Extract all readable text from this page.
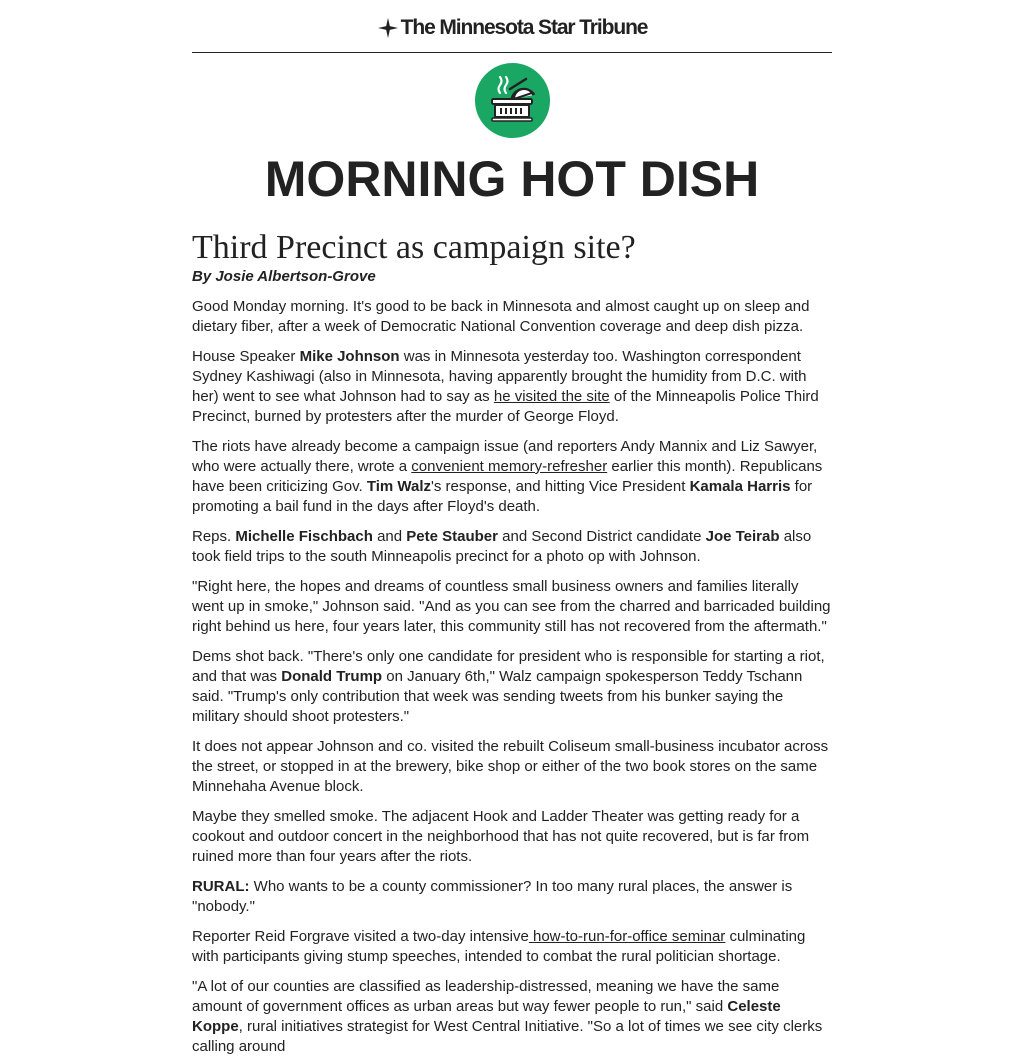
The Minnesota Star Tribune
MORNING HOT DISH
Third Precinct as campaign site?
By Josie Albertson-Grove

Good Monday morning. It's good to be back in Minnesota and almost caught up on sleep and dietary fiber, after a week of Democratic National Convention coverage and deep dish pizza.

House Speaker Mike Johnson was in Minnesota yesterday too. Washington correspondent Sydney Kashiwagi (also in Minnesota, having apparently brought the humidity from D.C. with her) went to see what Johnson had to say as he visited the site of the Minneapolis Police Third Precinct, burned by protesters after the murder of George Floyd.

The riots have already become a campaign issue (and reporters Andy Mannix and Liz Sawyer, who were actually there, wrote a convenient memory-refresher earlier this month). Republicans have been criticizing Gov. Tim Walz's response, and hitting Vice President Kamala Harris for promoting a bail fund in the days after Floyd's death.

Reps. Michelle Fischbach and Pete Stauber and Second District candidate Joe Teirab also took field trips to the south Minneapolis precinct for a photo op with Johnson.

"Right here, the hopes and dreams of countless small business owners and families literally went up in smoke," Johnson said. "And as you can see from the charred and barricaded building right behind us here, four years later, this community still has not recovered from the aftermath."

Dems shot back. "There's only one candidate for president who is responsible for starting a riot, and that was Donald Trump on January 6th," Walz campaign spokesperson Teddy Tschann said. "Trump's only contribution that week was sending tweets from his bunker saying the military should shoot protesters."

It does not appear Johnson and co. visited the rebuilt Coliseum small-business incubator across the street, or stopped in at the brewery, bike shop or either of the two book stores on the same Minnehaha Avenue block.

Maybe they smelled smoke. The adjacent Hook and Ladder Theater was getting ready for a cookout and outdoor concert in the neighborhood that has not quite recovered, but is far from ruined more than four years after the riots.

RURAL: Who wants to be a county commissioner? In too many rural places, the answer is "nobody."

Reporter Reid Forgrave visited a two-day intensive how-to-run-for-office seminar culminating with participants giving stump speeches, intended to combat the rural politician shortage.

"A lot of our counties are classified as leadership-distressed, meaning we have the same amount of government offices as urban areas but way fewer people to run," said Celeste Koppe, rural initiatives strategist for West Central Initiative. "So a lot of times we see city clerks calling around
